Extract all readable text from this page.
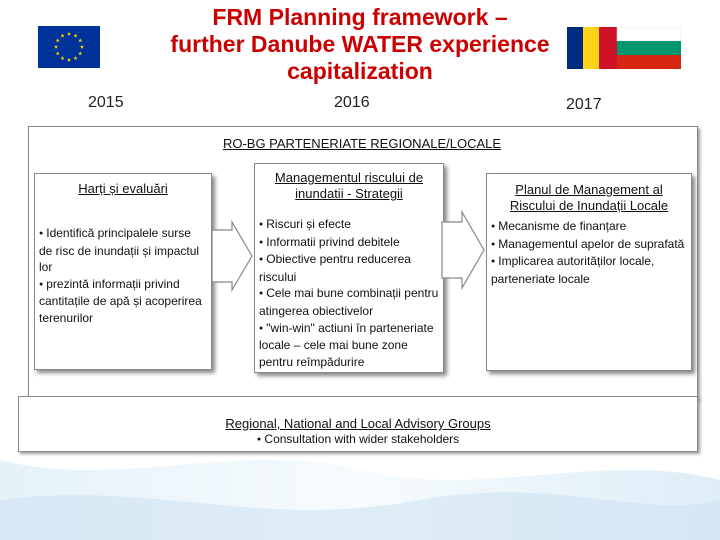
FRM Planning framework –
further Danube WATER experience
capitalization
2015	2016	2017
RO-BG PARTENERIATE REGIONALE/LOCALE
Harți și evaluări
● Identifică principalele surse de risc de inundații și impactul lor
● prezintă informații privind cantitațile de apă și acoperirea terenurilor
Managementul riscului de inundatii - Strategii
● Riscuri și efecte
● Informatii privind debitele
● Obiective pentru reducerea riscului
● Cele mai bune combinații pentru atingerea obiectivelor
● "win-win" actiuni în parteneriate locale – cele mai bune zone pentru reîmpădurire
Planul de Management al Riscului de Inundații Locale
● Mecanisme de finanțare
● Managementul apelor de suprafată
● Implicarea autorităților locale, parteneriate locale
Regional, National and Local Advisory Groups
● Consultation with wider stakeholders
